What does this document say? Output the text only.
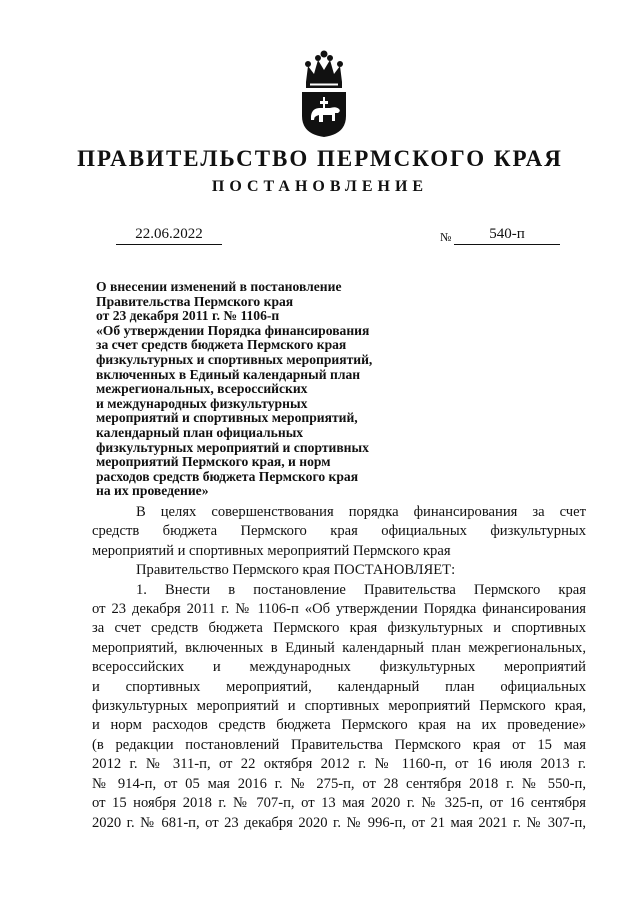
ПРАВИТЕЛЬСТВО ПЕРМСКОГО КРАЯ
ПОСТАНОВЛЕНИЕ
22.06.2022	№	540-п
О внесении изменений в постановление
Правительства Пермского края
от 23 декабря 2011 г. № 1106-п
«Об утверждении Порядка финансирования
за счет средств бюджета Пермского края
физкультурных и спортивных мероприятий,
включенных в Единый календарный план
межрегиональных, всероссийских
и международных физкультурных
мероприятий и спортивных мероприятий,
календарный план официальных
физкультурных мероприятий и спортивных
мероприятий Пермского края, и норм
расходов средств бюджета Пермского края
на их проведение»
В целях совершенствования порядка финансирования за счет
средств бюджета Пермского края официальных физкультурных
мероприятий и спортивных мероприятий Пермского края
Правительство Пермского края ПОСТАНОВЛЯЕТ:
1. Внести в постановление Правительства Пермского края
от 23 декабря 2011 г. № 1106-п «Об утверждении Порядка финансирования
за счет средств бюджета Пермского края физкультурных и спортивных
мероприятий, включенных в Единый календарный план межрегиональных,
всероссийских и международных физкультурных мероприятий
и спортивных мероприятий, календарный план официальных
физкультурных мероприятий и спортивных мероприятий Пермского края,
и норм расходов средств бюджета Пермского края на их проведение»
(в редакции постановлений Правительства Пермского края от 15 мая
2012 г. № 311-п, от 22 октября 2012 г. № 1160-п, от 16 июля 2013 г.
№ 914-п, от 05 мая 2016 г. № 275-п, от 28 сентября 2018 г. № 550-п,
от 15 ноября 2018 г. № 707-п, от 13 мая 2020 г. № 325-п, от 16 сентября
2020 г. № 681-п, от 23 декабря 2020 г. № 996-п, от 21 мая 2021 г. № 307-п,
